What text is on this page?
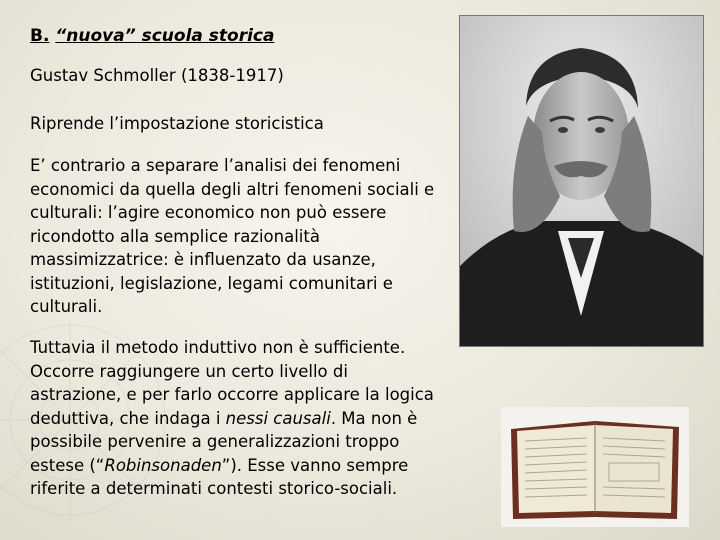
B. “nuova” scuola storica

Gustav Schmoller (1838-1917)

Riprende l’impostazione storicistica

E’ contrario a separare l’analisi dei fenomeni
economici da quella degli altri fenomeni sociali e
culturali: l’agire economico non può essere
ricondotto alla semplice razionalità
massimizzatrice: è influenzato da usanze,
istituzioni, legislazione, legami comunitari e
culturali.

Tuttavia il metodo induttivo non è sufficiente.
Occorre raggiungere un certo livello di
astrazione, e per farlo occorre applicare la logica
deduttiva, che indaga i nessi causali. Ma non è
possibile pervenire a generalizzazioni troppo
estese (“Robinsonaden”). Esse vanno sempre
riferite a determinati contesti storico-sociali.
